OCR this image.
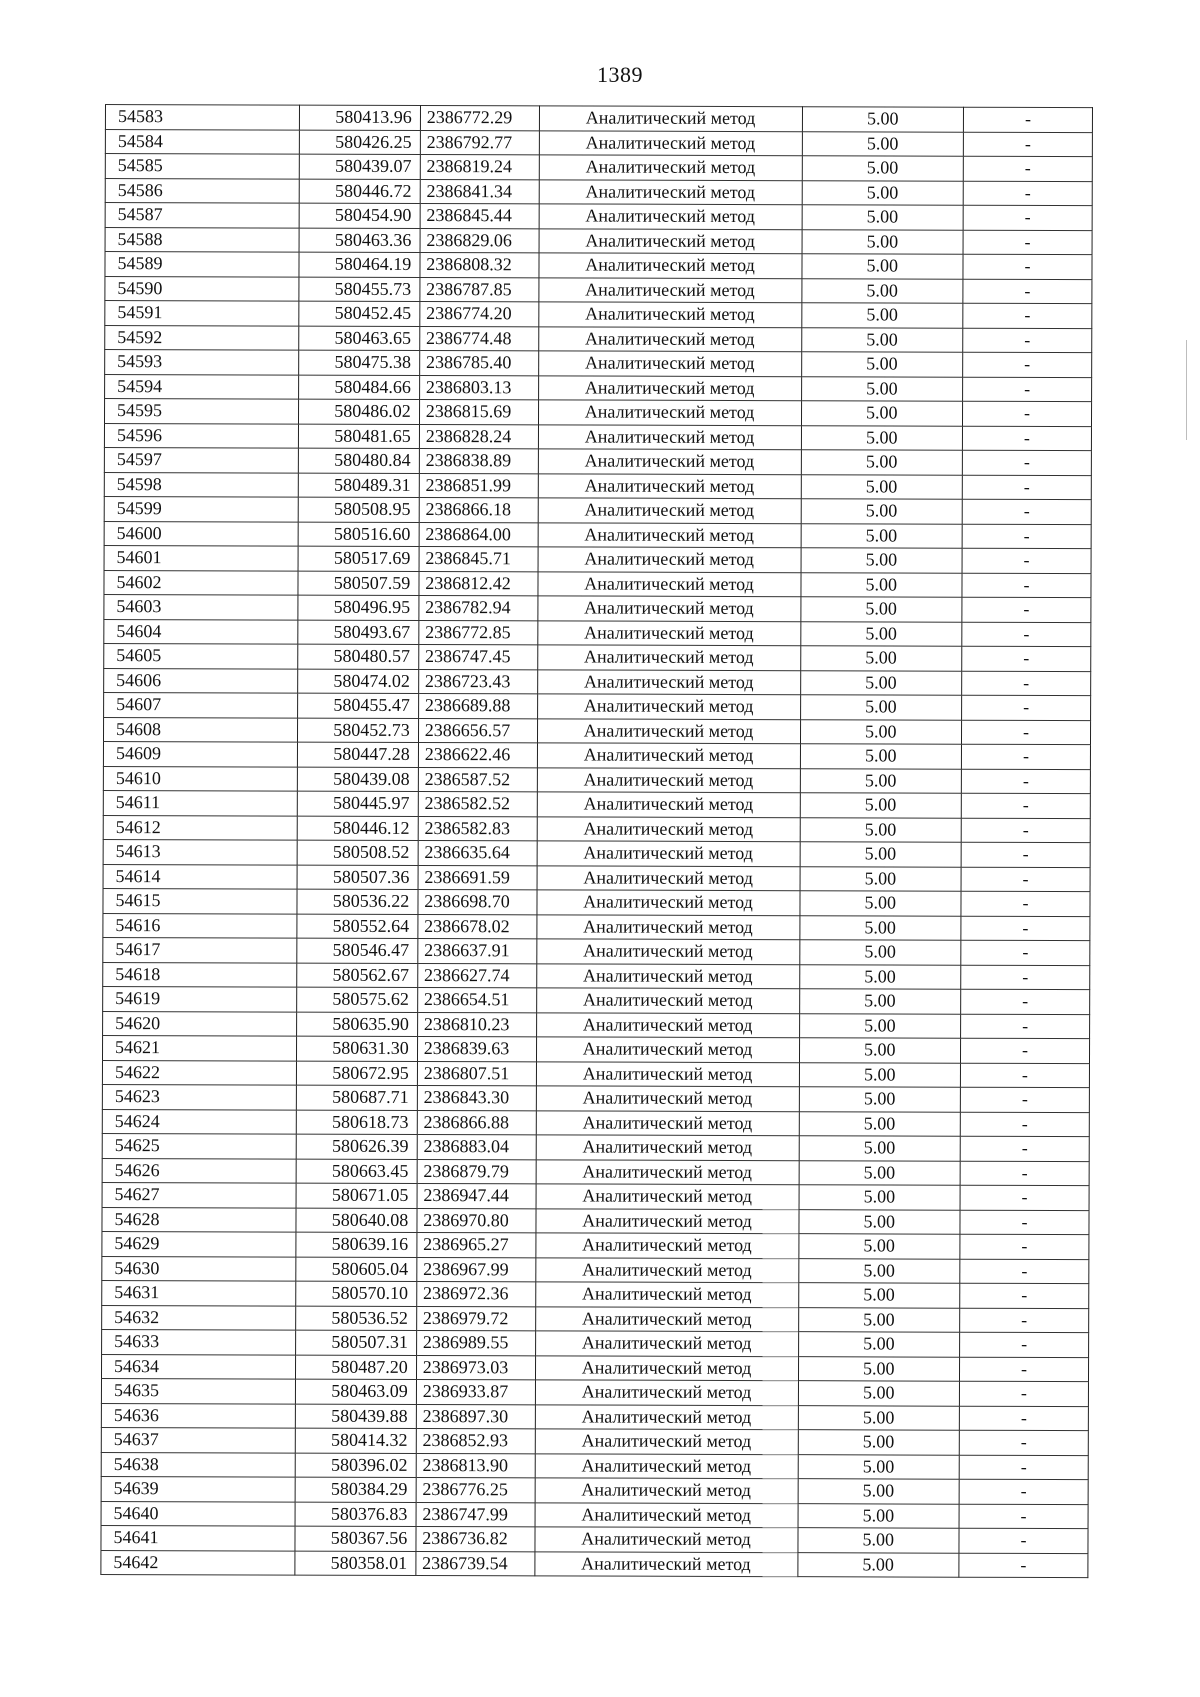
1389
54583	580413.96	2386772.29	Аналитический метод	5.00	-
54584	580426.25	2386792.77	Аналитический метод	5.00	-
54585	580439.07	2386819.24	Аналитический метод	5.00	-
54586	580446.72	2386841.34	Аналитический метод	5.00	-
54587	580454.90	2386845.44	Аналитический метод	5.00	-
54588	580463.36	2386829.06	Аналитический метод	5.00	-
54589	580464.19	2386808.32	Аналитический метод	5.00	-
54590	580455.73	2386787.85	Аналитический метод	5.00	-
54591	580452.45	2386774.20	Аналитический метод	5.00	-
54592	580463.65	2386774.48	Аналитический метод	5.00	-
54593	580475.38	2386785.40	Аналитический метод	5.00	-
54594	580484.66	2386803.13	Аналитический метод	5.00	-
54595	580486.02	2386815.69	Аналитический метод	5.00	-
54596	580481.65	2386828.24	Аналитический метод	5.00	-
54597	580480.84	2386838.89	Аналитический метод	5.00	-
54598	580489.31	2386851.99	Аналитический метод	5.00	-
54599	580508.95	2386866.18	Аналитический метод	5.00	-
54600	580516.60	2386864.00	Аналитический метод	5.00	-
54601	580517.69	2386845.71	Аналитический метод	5.00	-
54602	580507.59	2386812.42	Аналитический метод	5.00	-
54603	580496.95	2386782.94	Аналитический метод	5.00	-
54604	580493.67	2386772.85	Аналитический метод	5.00	-
54605	580480.57	2386747.45	Аналитический метод	5.00	-
54606	580474.02	2386723.43	Аналитический метод	5.00	-
54607	580455.47	2386689.88	Аналитический метод	5.00	-
54608	580452.73	2386656.57	Аналитический метод	5.00	-
54609	580447.28	2386622.46	Аналитический метод	5.00	-
54610	580439.08	2386587.52	Аналитический метод	5.00	-
54611	580445.97	2386582.52	Аналитический метод	5.00	-
54612	580446.12	2386582.83	Аналитический метод	5.00	-
54613	580508.52	2386635.64	Аналитический метод	5.00	-
54614	580507.36	2386691.59	Аналитический метод	5.00	-
54615	580536.22	2386698.70	Аналитический метод	5.00	-
54616	580552.64	2386678.02	Аналитический метод	5.00	-
54617	580546.47	2386637.91	Аналитический метод	5.00	-
54618	580562.67	2386627.74	Аналитический метод	5.00	-
54619	580575.62	2386654.51	Аналитический метод	5.00	-
54620	580635.90	2386810.23	Аналитический метод	5.00	-
54621	580631.30	2386839.63	Аналитический метод	5.00	-
54622	580672.95	2386807.51	Аналитический метод	5.00	-
54623	580687.71	2386843.30	Аналитический метод	5.00	-
54624	580618.73	2386866.88	Аналитический метод	5.00	-
54625	580626.39	2386883.04	Аналитический метод	5.00	-
54626	580663.45	2386879.79	Аналитический метод	5.00	-
54627	580671.05	2386947.44	Аналитический метод	5.00	-
54628	580640.08	2386970.80	Аналитический метод	5.00	-
54629	580639.16	2386965.27	Аналитический метод	5.00	-
54630	580605.04	2386967.99	Аналитический метод	5.00	-
54631	580570.10	2386972.36	Аналитический метод	5.00	-
54632	580536.52	2386979.72	Аналитический метод	5.00	-
54633	580507.31	2386989.55	Аналитический метод	5.00	-
54634	580487.20	2386973.03	Аналитический метод	5.00	-
54635	580463.09	2386933.87	Аналитический метод	5.00	-
54636	580439.88	2386897.30	Аналитический метод	5.00	-
54637	580414.32	2386852.93	Аналитический метод	5.00	-
54638	580396.02	2386813.90	Аналитический метод	5.00	-
54639	580384.29	2386776.25	Аналитический метод	5.00	-
54640	580376.83	2386747.99	Аналитический метод	5.00	-
54641	580367.56	2386736.82	Аналитический метод	5.00	-
54642	580358.01	2386739.54	Аналитический метод	5.00	-
